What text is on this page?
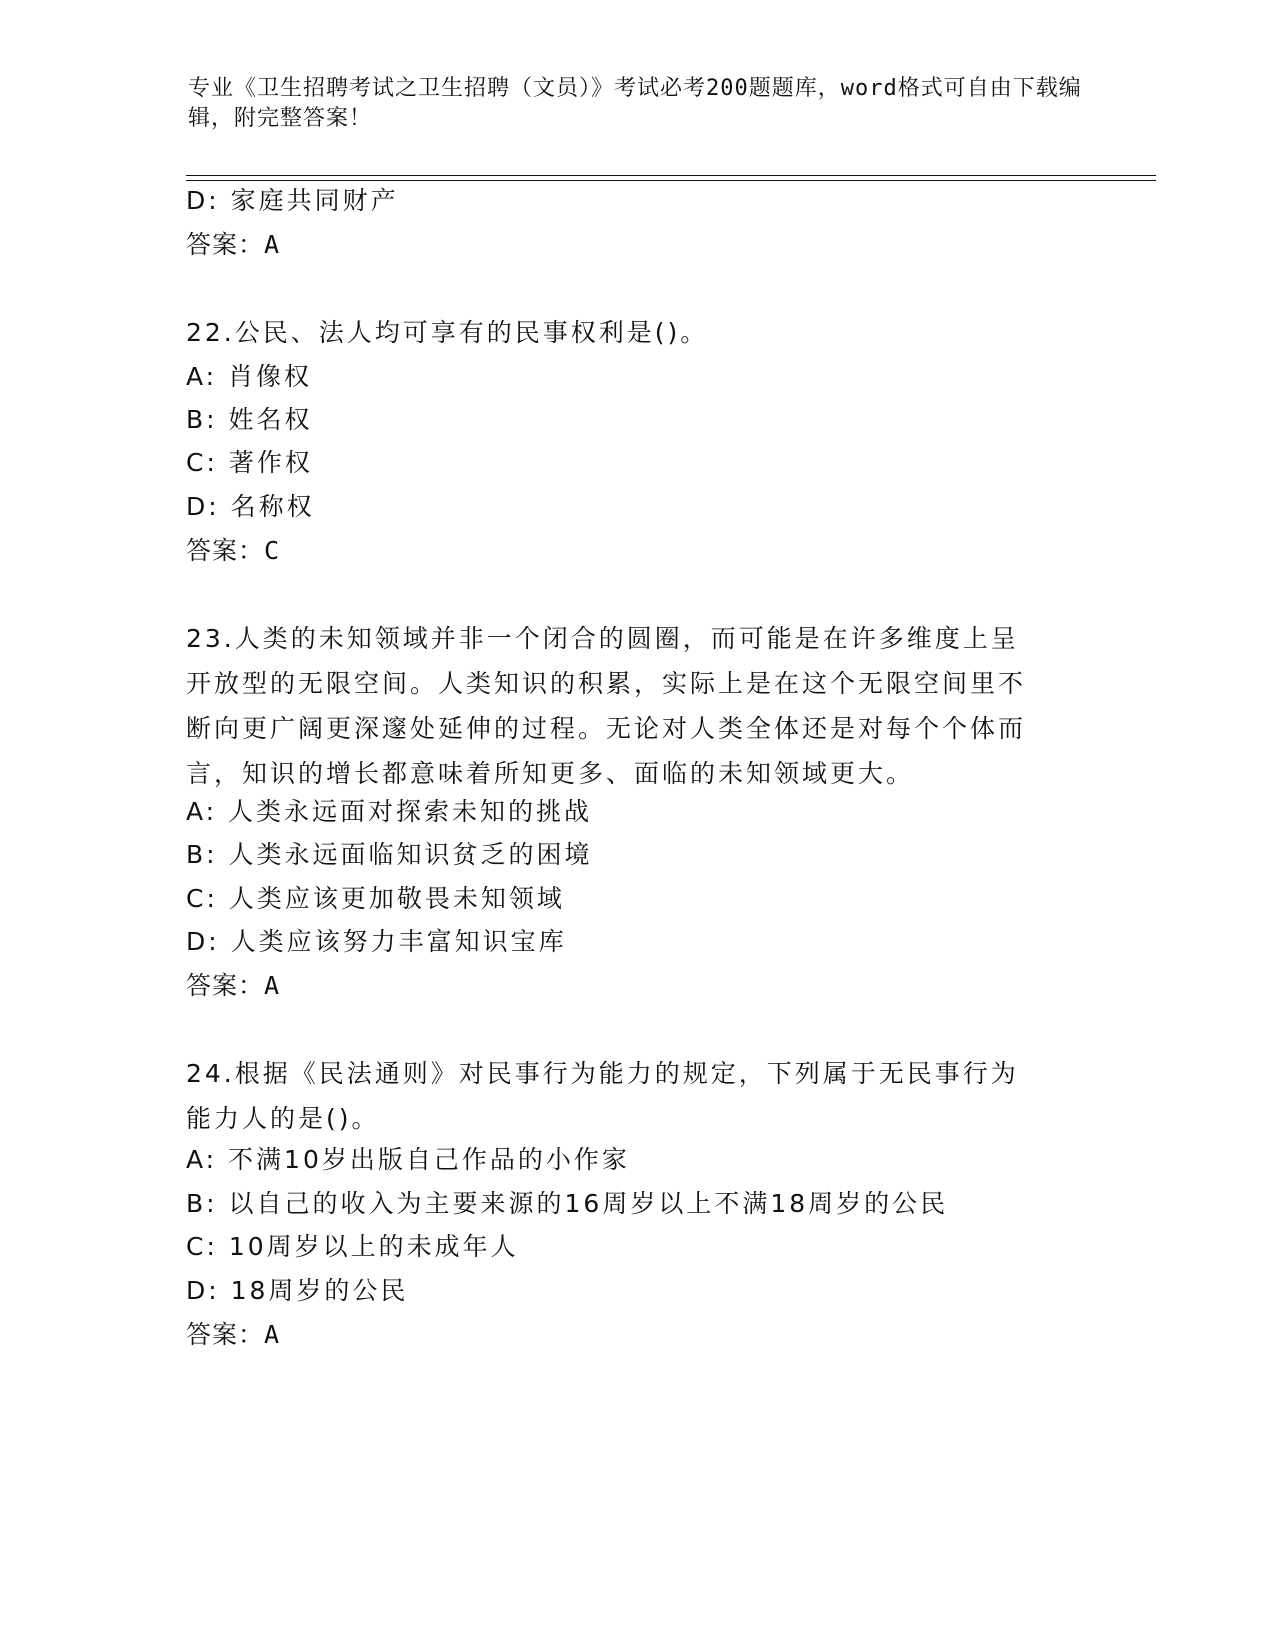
专业《卫生招聘考试之卫生招聘（文员）》考试必考200题题库，word格式可自由下载编辑，附完整答案！
D: 家庭共同财产
答案：A
22.公民、法人均可享有的民事权利是()。
A: 肖像权
B: 姓名权
C: 著作权
D: 名称权
答案：C
23.人类的未知领域并非一个闭合的圆圈，而可能是在许多维度上呈开放型的无限空间。人类知识的积累，实际上是在这个无限空间里不断向更广阔更深邃处延伸的过程。无论对人类全体还是对每个个体而言，知识的增长都意味着所知更多、面临的未知领域更大。
A: 人类永远面对探索未知的挑战
B: 人类永远面临知识贫乏的困境
C: 人类应该更加敬畏未知领域
D: 人类应该努力丰富知识宝库
答案：A
24.根据《民法通则》对民事行为能力的规定，下列属于无民事行为能力人的是()。
A: 不满10岁出版自己作品的小作家
B: 以自己的收入为主要来源的16周岁以上不满18周岁的公民
C: 10周岁以上的未成年人
D: 18周岁的公民
答案：A
